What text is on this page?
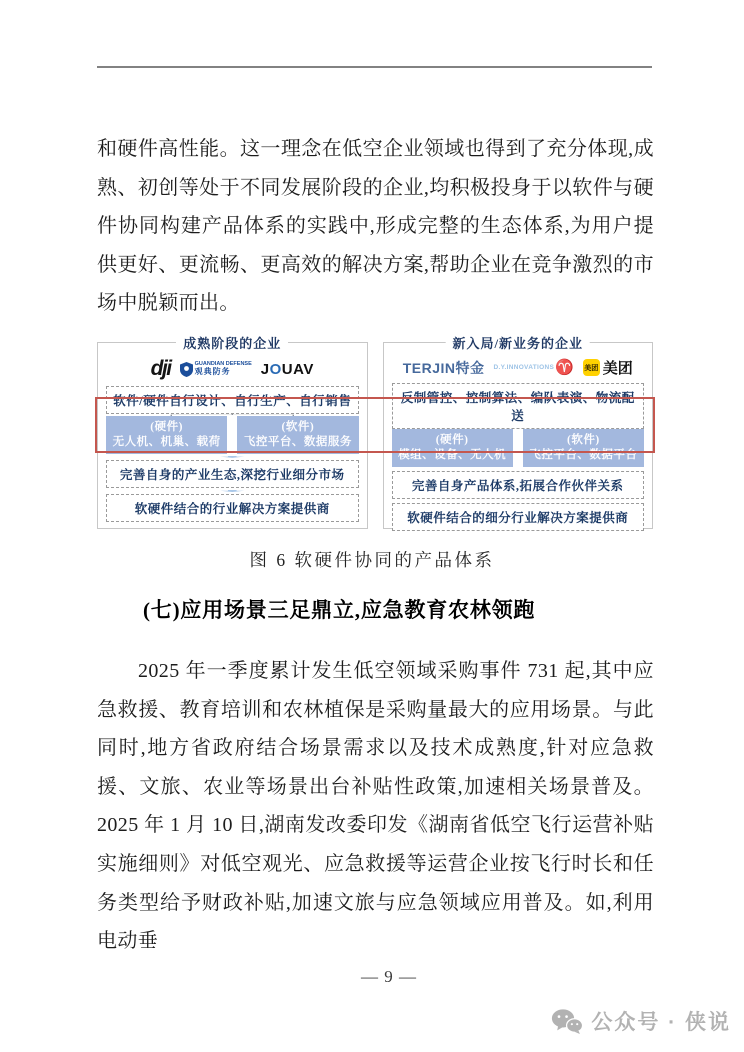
和硬件高性能。这一理念在低空企业领域也得到了充分体现,成熟、初创等处于不同发展阶段的企业,均积极投身于以软件与硬件协同构建产品体系的实践中,形成完整的生态体系,为用户提供更好、更流畅、更高效的解决方案,帮助企业在竞争激烈的市场中脱颖而出。

成熟阶段的企业
dji	GUANDIAN DEFENSE
观典防务	JOUAV
软件/硬件自行设计、自行生产、自行销售
(硬件)
无人机、机巢、载荷
(软件)
飞控平台、数据服务
完善自身的产业生态,深挖行业细分市场
软硬件结合的行业解决方案提供商
新入局/新业务的企业
TERJIN特金 D.Y.INNOVATIONS ♈ 美团 美团
反制管控、控制算法、编队表演、物流配送
(硬件)
模组、设备、无人机
(软件)
飞控平台、数据平台
完善自身产品体系,拓展合作伙伴关系
软硬件结合的细分行业解决方案提供商
图 6 软硬件协同的产品体系
(七)应用场景三足鼎立,应急教育农林领跑

2025 年一季度累计发生低空领域采购事件 731 起,其中应急救援、教育培训和农林植保是采购量最大的应用场景。与此同时,地方省政府结合场景需求以及技术成熟度,针对应急救援、文旅、农业等场景出台补贴性政策,加速相关场景普及。2025 年 1 月 10 日,湖南发改委印发《湖南省低空飞行运营补贴实施细则》对低空观光、应急救援等运营企业按飞行时长和任务类型给予财政补贴,加速文旅与应急领域应用普及。如,利用电动垂

— 9 —
公众号 · 侠说
